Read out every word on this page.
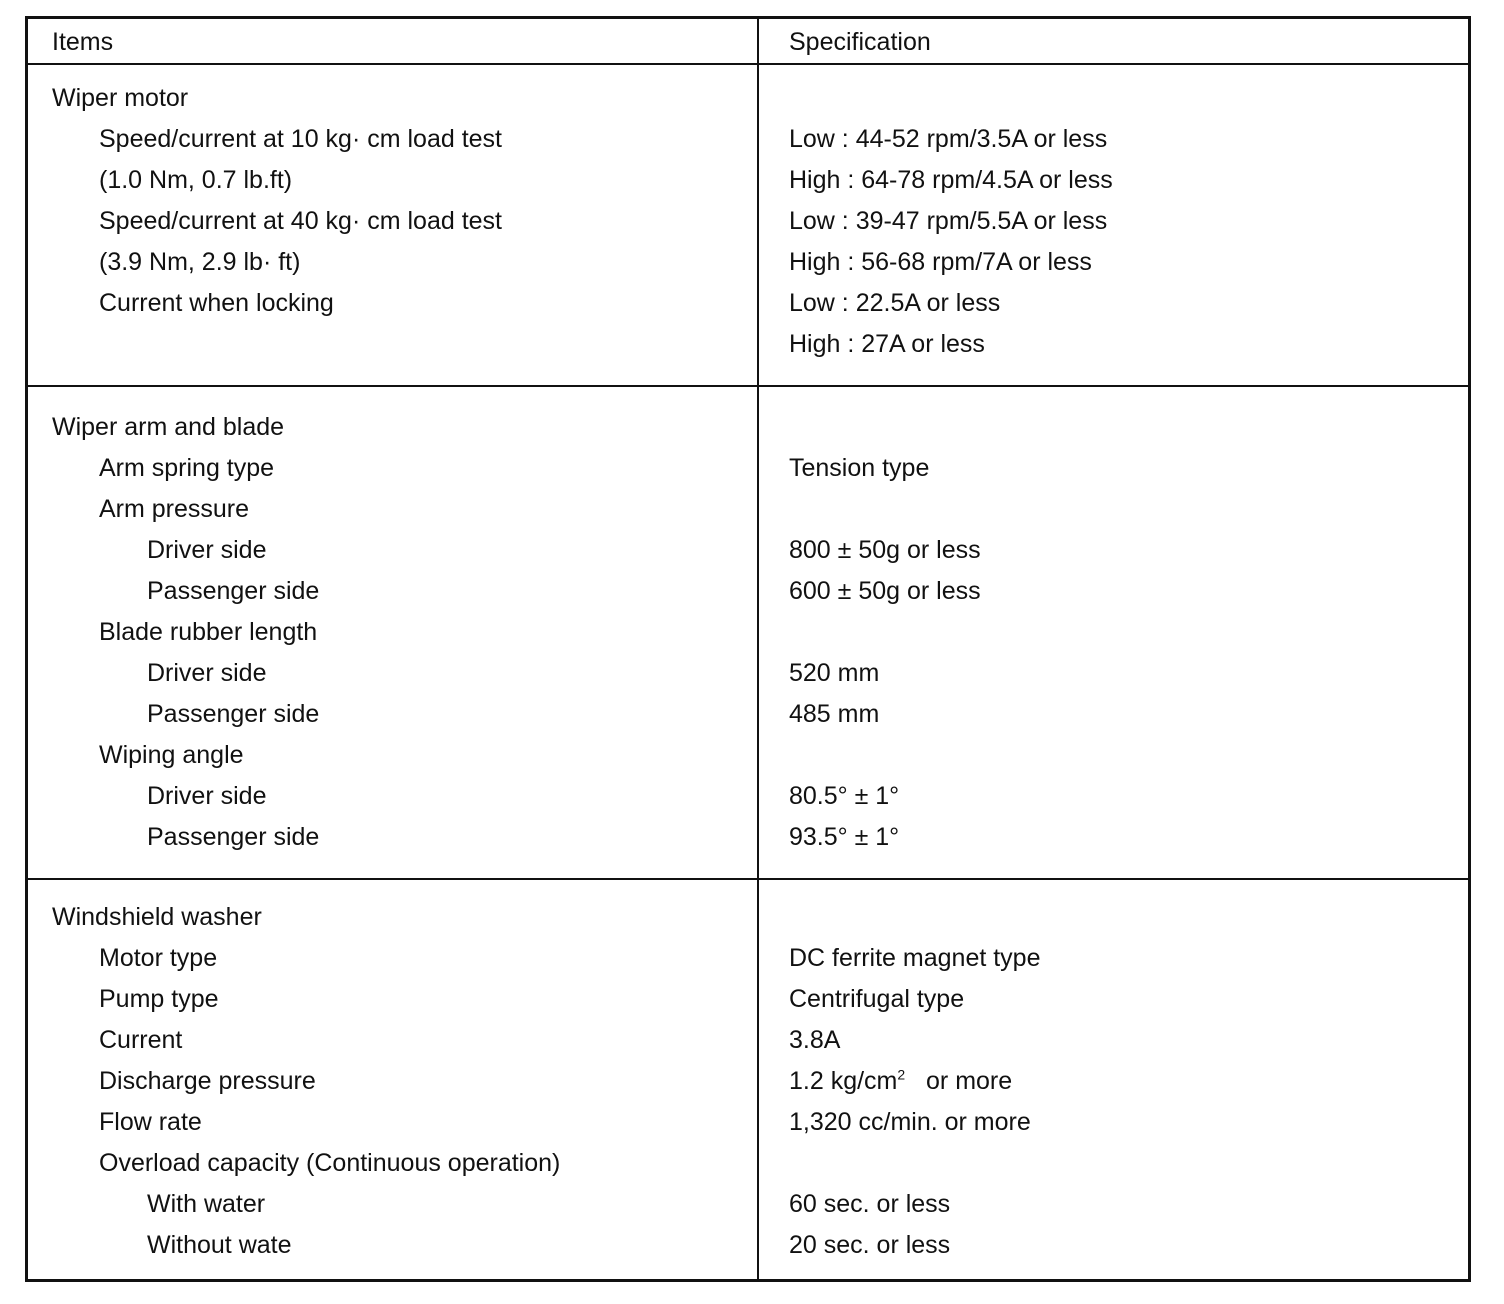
Items	Specification
Wiper motor
Speed/current at 10 kg· cm load test	Low : 44-52 rpm/3.5A or less
(1.0 Nm, 0.7 lb.ft)	High : 64-78 rpm/4.5A or less
Speed/current at 40 kg· cm load test	Low : 39-47 rpm/5.5A or less
(3.9 Nm, 2.9 lb· ft)	High : 56-68 rpm/7A or less
Current when locking	Low : 22.5A or less
High : 27A or less
Wiper arm and blade
Arm spring type	Tension type
Arm pressure
Driver side	800 ± 50g or less
Passenger side	600 ± 50g or less
Blade rubber length
Driver side	520 mm
Passenger side	485 mm
Wiping angle
Driver side	80.5° ± 1°
Passenger side	93.5° ± 1°
Windshield washer
Motor type	DC ferrite magnet type
Pump type	Centrifugal type
Current	3.8A
Discharge pressure	1.2 $kg/cm^2$ or more
Flow rate	1,320 cc/min. or more
Overload capacity (Continuous operation)
With water	60 sec. or less
Without wate	20 sec. or less
